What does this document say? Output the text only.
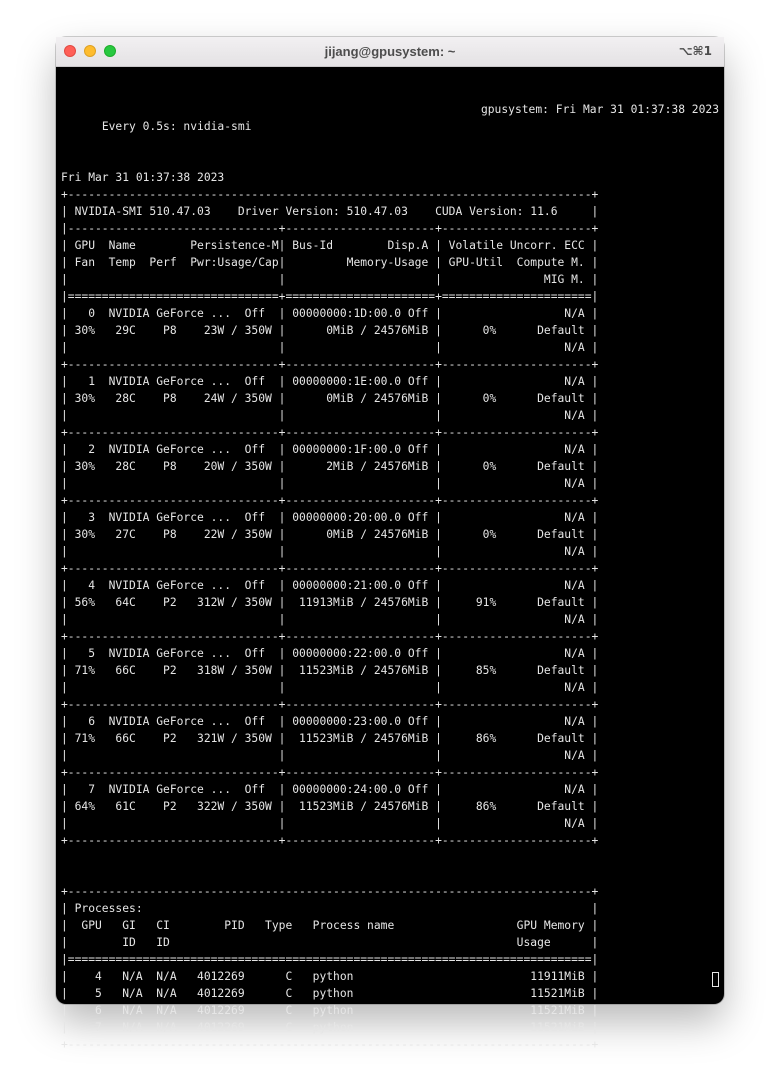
jijang@gpusystem: ~	⌥⌘1

Every 0.5s: nvidia-smi

gpusystem: Fri Mar 31 01:37:38 2023

Fri Mar 31 01:37:38 2023
+-----------------------------------------------------------------------------+
| NVIDIA-SMI 510.47.03    Driver Version: 510.47.03    CUDA Version: 11.6     |
|-------------------------------+----------------------+----------------------+
| GPU  Name        Persistence-M| Bus-Id        Disp.A | Volatile Uncorr. ECC |
| Fan  Temp  Perf  Pwr:Usage/Cap|         Memory-Usage | GPU-Util  Compute M. |
|                               |                      |               MIG M. |
|===============================+======================+======================|
|   0  NVIDIA GeForce ...  Off  | 00000000:1D:00.0 Off |                  N/A |
| 30%   29C    P8    23W / 350W |      0MiB / 24576MiB |      0%      Default |
|                               |                      |                  N/A |
+-------------------------------+----------------------+----------------------+
|   1  NVIDIA GeForce ...  Off  | 00000000:1E:00.0 Off |                  N/A |
| 30%   28C    P8    24W / 350W |      0MiB / 24576MiB |      0%      Default |
|                               |                      |                  N/A |
+-------------------------------+----------------------+----------------------+
|   2  NVIDIA GeForce ...  Off  | 00000000:1F:00.0 Off |                  N/A |
| 30%   28C    P8    20W / 350W |      2MiB / 24576MiB |      0%      Default |
|                               |                      |                  N/A |
+-------------------------------+----------------------+----------------------+
|   3  NVIDIA GeForce ...  Off  | 00000000:20:00.0 Off |                  N/A |
| 30%   27C    P8    22W / 350W |      0MiB / 24576MiB |      0%      Default |
|                               |                      |                  N/A |
+-------------------------------+----------------------+----------------------+
|   4  NVIDIA GeForce ...  Off  | 00000000:21:00.0 Off |                  N/A |
| 56%   64C    P2   312W / 350W |  11913MiB / 24576MiB |     91%      Default |
|                               |                      |                  N/A |
+-------------------------------+----------------------+----------------------+
|   5  NVIDIA GeForce ...  Off  | 00000000:22:00.0 Off |                  N/A |
| 71%   66C    P2   318W / 350W |  11523MiB / 24576MiB |     85%      Default |
|                               |                      |                  N/A |
+-------------------------------+----------------------+----------------------+
|   6  NVIDIA GeForce ...  Off  | 00000000:23:00.0 Off |                  N/A |
| 71%   66C    P2   321W / 350W |  11523MiB / 24576MiB |     86%      Default |
|                               |                      |                  N/A |
+-------------------------------+----------------------+----------------------+
|   7  NVIDIA GeForce ...  Off  | 00000000:24:00.0 Off |                  N/A |
| 64%   61C    P2   322W / 350W |  11523MiB / 24576MiB |     86%      Default |
|                               |                      |                  N/A |
+-------------------------------+----------------------+----------------------+
+-----------------------------------------------------------------------------+
| Processes:                                                                  |
|  GPU   GI   CI        PID   Type   Process name                  GPU Memory |
|        ID   ID                                                   Usage      |
|=============================================================================|
|    4   N/A  N/A   4012269      C   python                          11911MiB |
|    5   N/A  N/A   4012269      C   python                          11521MiB |
|    6   N/A  N/A   4012269      C   python                          11521MiB |
|    7   N/A  N/A   4012269      C   python                          11521MiB |
+-----------------------------------------------------------------------------+
